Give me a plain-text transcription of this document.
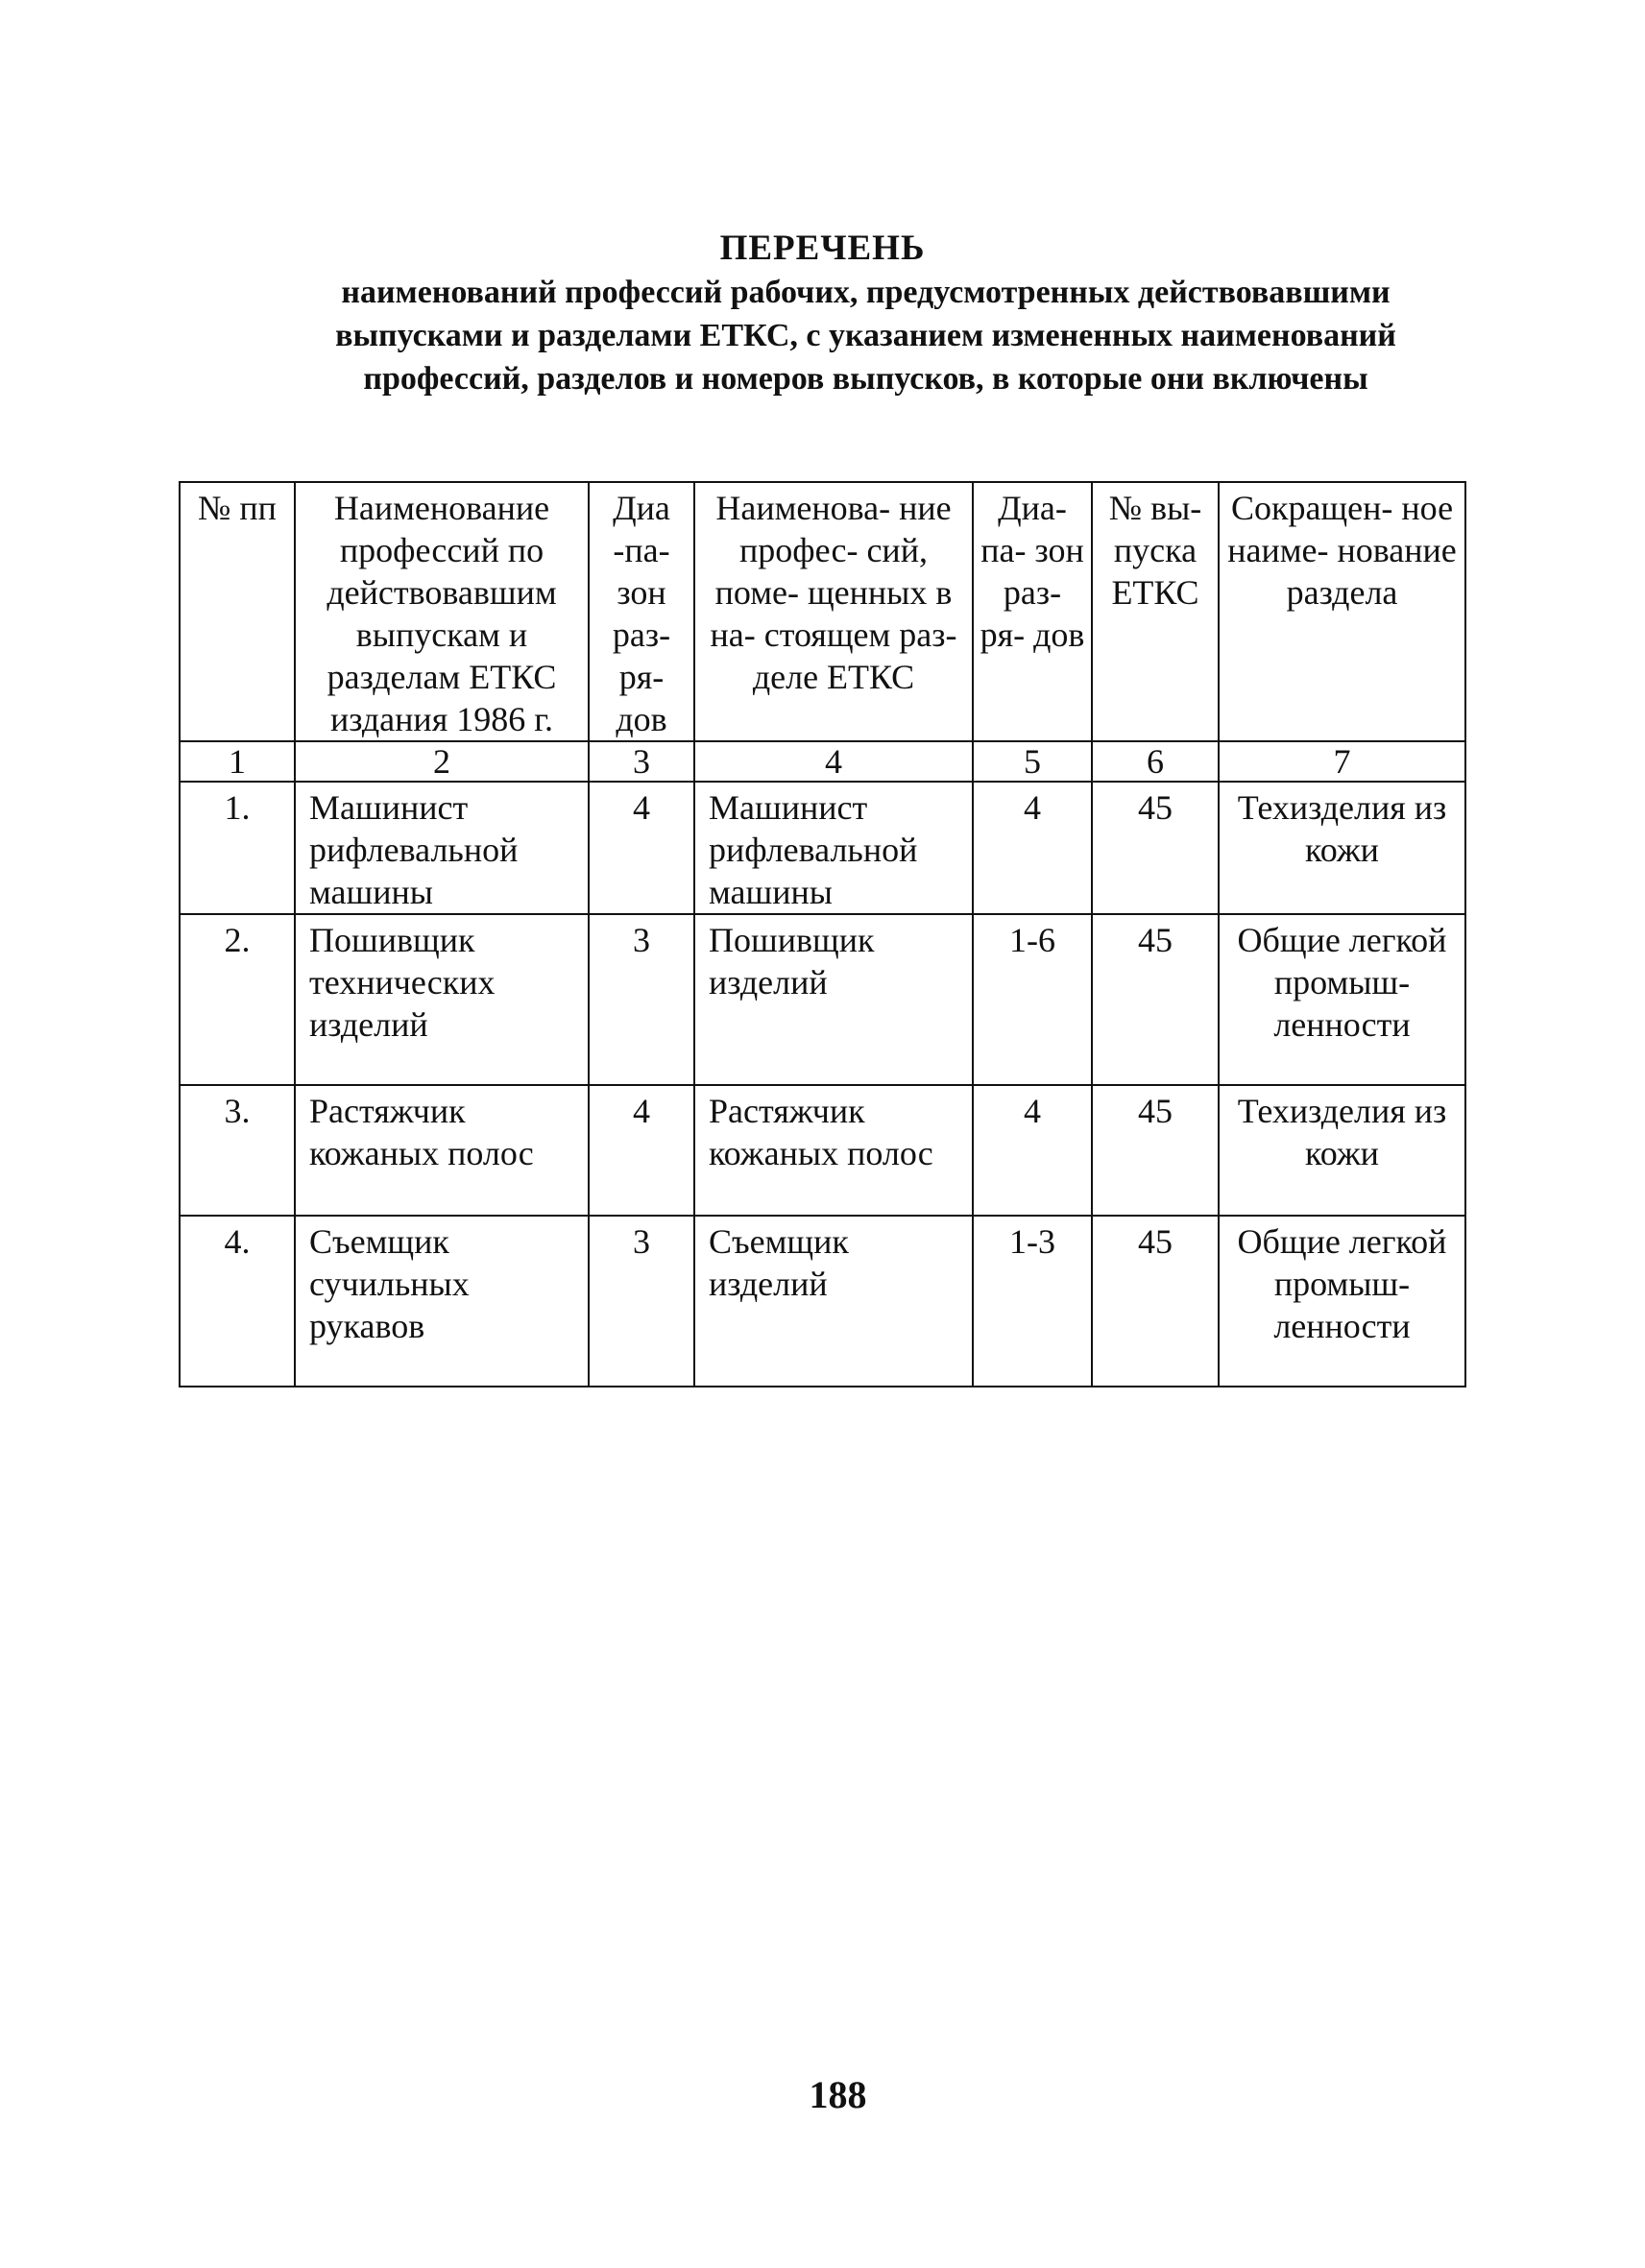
ПЕРЕЧЕНЬ
наименований профессий рабочих, предусмотренных действовавшими выпусками и разделами ЕТКС, с указанием измененных наименований профессий, разделов и номеров выпусков, в которые они включены
№ пп	Наименование профессий по действовавшим выпускам и разделам ЕТКС издания 1986 г.	Диа -па- зон раз- ря- дов	Наименова- ние профес- сий, поме- щенных в на- стоящем раз- деле ЕТКС	Диа- па- зон раз- ря- дов	№ вы- пуска ЕТКС	Сокращен- ное наиме- нование раздела
1	2	3	4	5	6	7
1.	Машинист рифлевальной машины	4	Машинист рифлевальной машины	4	45	Техизделия из кожи
2.	Пошивщик технических изделий	3	Пошивщик изделий	1-6	45	Общие легкой промыш- ленности
3.	Растяжчик кожаных полос	4	Растяжчик кожаных полос	4	45	Техизделия из кожи
4.	Съемщик сучильных рукавов	3	Съемщик изделий	1-3	45	Общие легкой промыш- ленности
188
